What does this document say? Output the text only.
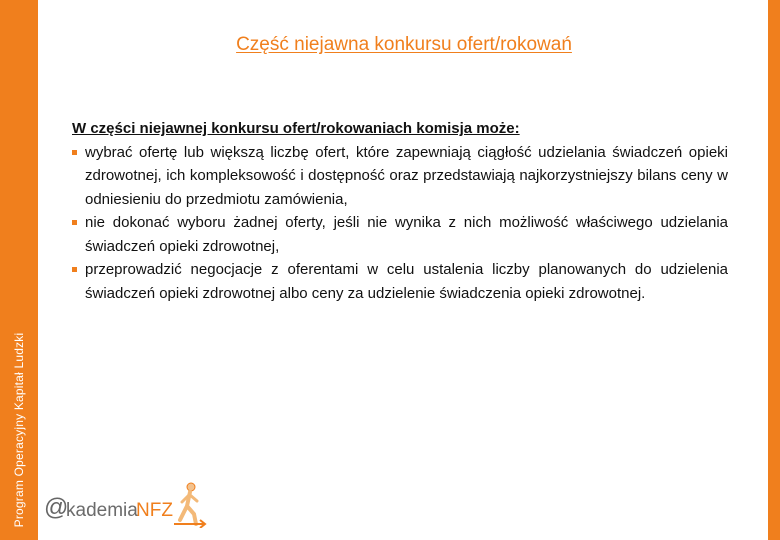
Program Operacyjny Kapitał Ludzki
Część niejawna konkursu ofert/rokowań

W części niejawnej konkursu ofert/rokowaniach komisja może:

wybrać ofertę lub większą liczbę ofert, które zapewniają ciągłość udzielania świadczeń opieki zdrowotnej, ich kompleksowość i dostępność oraz przedstawiają najkorzystniejszy bilans ceny w odniesieniu do przedmiotu zamówienia,

nie dokonać wyboru żadnej oferty, jeśli nie wynika z nich możliwość właściwego udzielania świadczeń opieki zdrowotnej,

przeprowadzić negocjacje z oferentami w celu ustalenia liczby planowanych do udzielenia świadczeń opieki zdrowotnej albo ceny za udzielenie świadczenia opieki zdrowotnej.

@
kademia
NFZ
